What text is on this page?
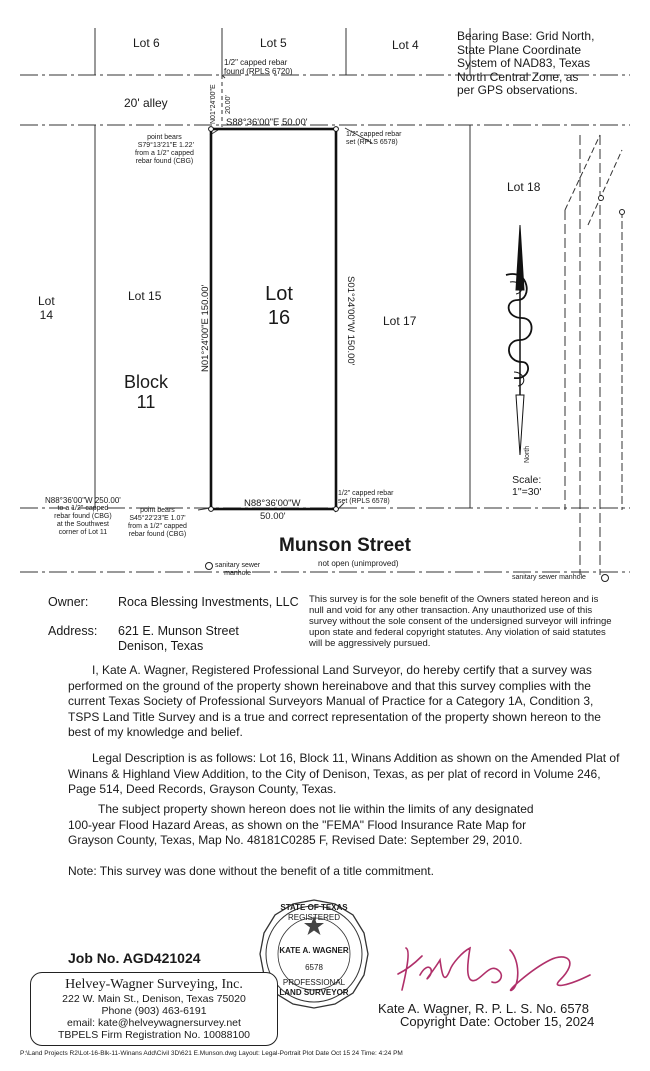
Lot 6	Lot 5	Lot 4
Bearing Base: Grid North,
State Plane Coordinate
System of NAD83, Texas
North Central Zone, as
per GPS observations.
1/2" capped rebar
found (RPLS 6720)
20' alley	N01°24'00"E 20.00'
S88°36'00"E 50.00'
point bears
S79°13'21"E 1.22'
from a 1/2" capped
rebar found (CBG)
1/2" capped rebar
set (RPLS 6578)
Lot 18
Lot
14
Lot 15	Lot
16	Lot 17
Block
11
N01°24'00"E 150.00'	S01°24'00"W 150.00'
North
Scale:
1"=30'
N88°36'00"W 250.00'
to a 1/2" capped
rebar found (CBG)
at the Southwest
corner of Lot 11
N88°36'00"W
50.00'
1/2" capped rebar
set (RPLS 6578)
point bears
S45°22'23"E 1.07'
from a 1/2" capped
rebar found (CBG)
Munson Street
not open (unimproved)
sanitary sewer
manhole
sanitary sewer manhole
Owner: Roca Blessing Investments, LLC
Address: 621 E. Munson Street
Denison, Texas
This survey is for the sole benefit of the Owners stated hereon and is null and void for any other transaction. Any unauthorized use of this survey without the sole consent of the undersigned surveyor will infringe upon state and federal copyright statutes. Any violation of said statutes will be aggressively pursued.
I, Kate A. Wagner, Registered Professional Land Surveyor, do hereby certify that a survey was performed on the ground of the property shown hereinabove and that this survey complies with the current Texas Society of Professional Surveyors Manual of Practice for a Category 1A, Condition 3, TSPS Land Title Survey and is a true and correct representation of the property shown hereon to the best of my knowledge and belief.
Legal Description is as follows: Lot 16, Block 11, Winans Addition as shown on the Amended Plat of Winans & Highland View Addition, to the City of Denison, Texas, as per plat of record in Volume 246, Page 514, Deed Records, Grayson County, Texas.
The subject property shown hereon does not lie within the limits of any designated 100-year Flood Hazard Areas, as shown on the "FEMA" Flood Insurance Rate Map for Grayson County, Texas, Map No. 48181C0285 F, Revised Date: September 29, 2010.
Note: This survey was done without the benefit of a title commitment.
STATE OF TEXAS
REGISTERED
KATE A. WAGNER
6578
PROFESSIONAL
LAND SURVEYOR
Kate A. Wagner, R. P. L. S. No. 6578
Copyright Date: October 15, 2024
Job No. AGD421024
Helvey-Wagner Surveying, Inc.
222 W. Main St., Denison, Texas 75020
Phone (903) 463-6191
email: kate@helveywagnersurvey.net
TBPELS Firm Registration No. 10088100
P:\Land Projects R2\Lot-16-Blk-11-Winans Add\Civil 3D\621 E.Munson.dwg Layout: Legal-Portrait Plot Date Oct 15 24 Time: 4:24 PM
